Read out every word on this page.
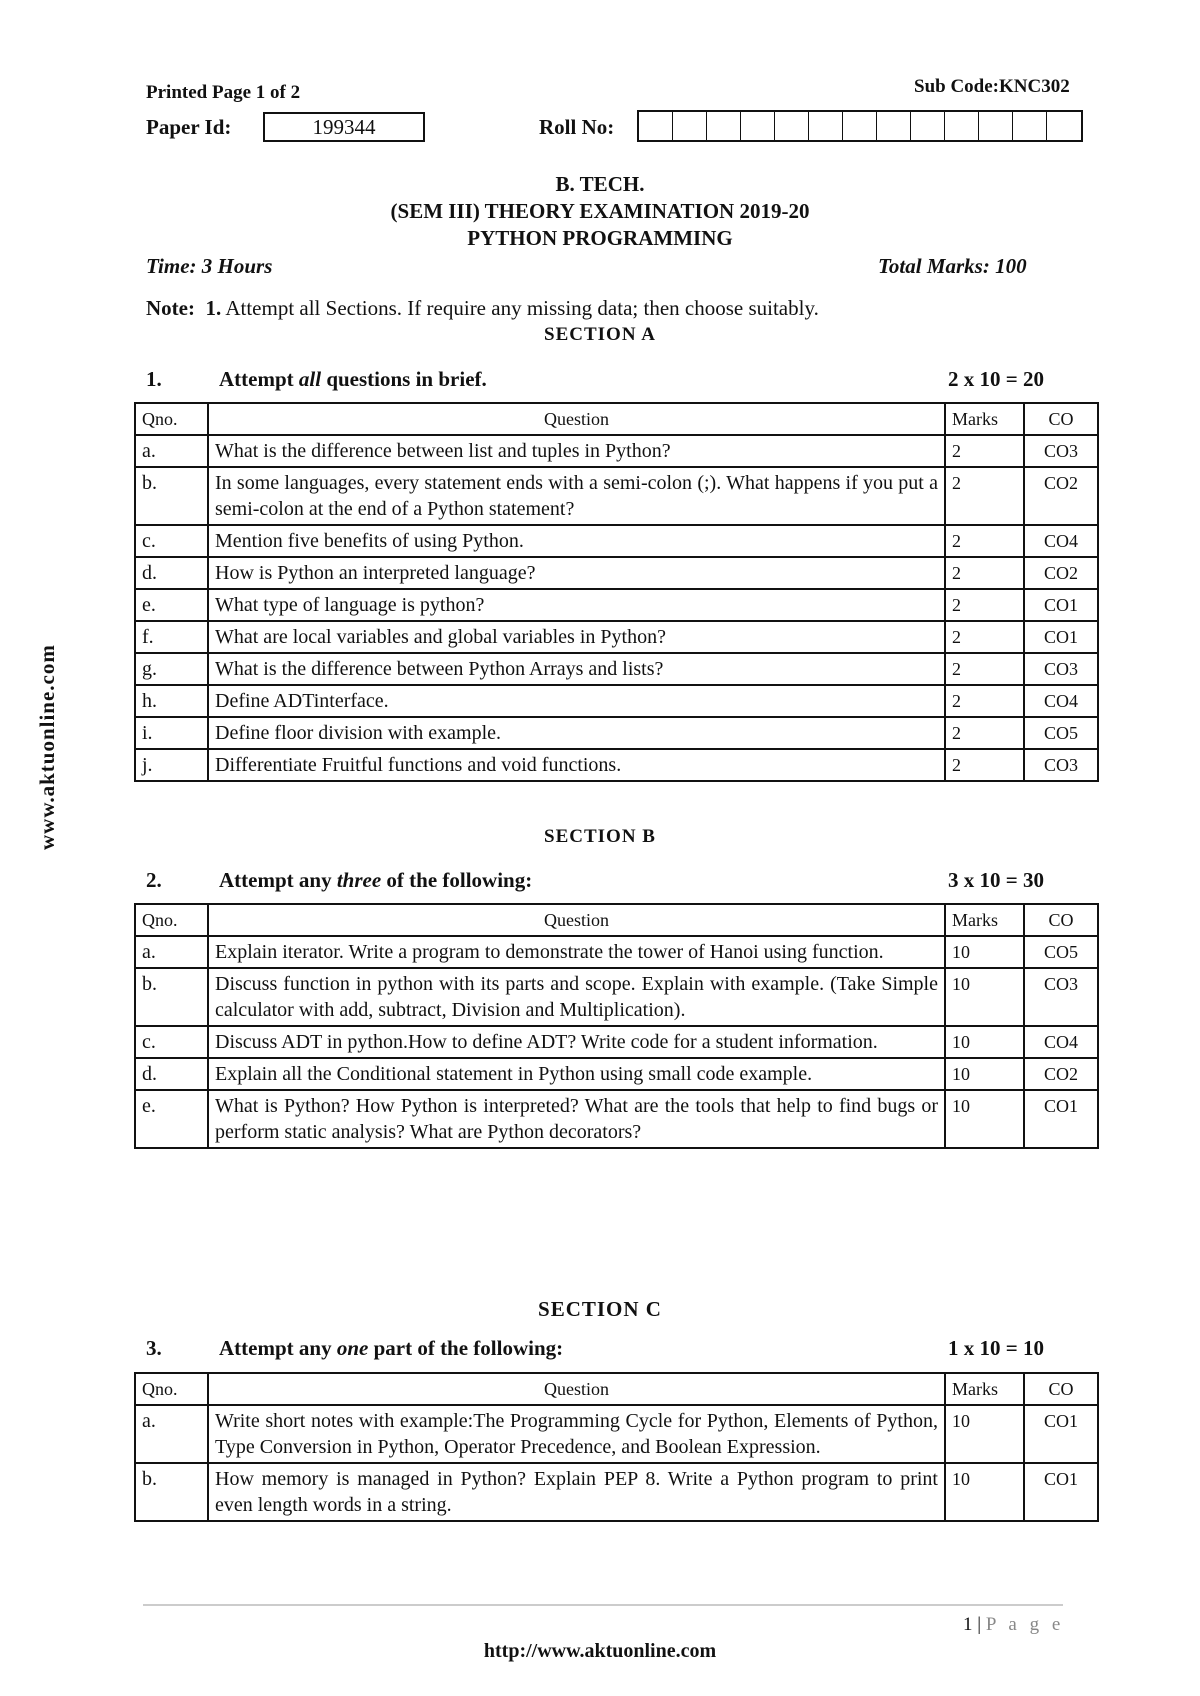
Printed Page 1 of 2	Sub Code:KNC302
Paper Id:	199344	Roll No:
B. TECH.
(SEM III) THEORY EXAMINATION 2019-20
PYTHON PROGRAMMING
Time: 3 Hours	Total Marks: 100
Note: 1. Attempt all Sections. If require any missing data; then choose suitably.
SECTION A
1.	Attempt all questions in brief.	2 x 10 = 20
Qno.	Question	Marks	CO
a.	What is the difference between list and tuples in Python?	2	CO3
b.	In some languages, every statement ends with a semi-colon (;). What happens if you put a semi-colon at the end of a Python statement?	2	CO2
c.	Mention five benefits of using Python.	2	CO4
d.	How is Python an interpreted language?	2	CO2
e.	What type of language is python?	2	CO1
f.	What are local variables and global variables in Python?	2	CO1
g.	What is the difference between Python Arrays and lists?	2	CO3
h.	Define ADTinterface.	2	CO4
i.	Define floor division with example.	2	CO5
j.	Differentiate Fruitful functions and void functions.	2	CO3
SECTION B
2.	Attempt any three of the following:	3 x 10 = 30
Qno.	Question	Marks	CO
a.	Explain iterator. Write a program to demonstrate the tower of Hanoi using function.	10	CO5
b.	Discuss function in python with its parts and scope. Explain with example. (Take Simple calculator with add, subtract, Division and Multiplication).	10	CO3
c.	Discuss ADT in python.How to define ADT? Write code for a student information.	10	CO4
d.	Explain all the Conditional statement in Python using small code example.	10	CO2
e.	What is Python? How Python is interpreted? What are the tools that help to find bugs or perform static analysis? What are Python decorators?	10	CO1
SECTION C
3.	Attempt any one part of the following:	1 x 10 = 10
Qno.	Question	Marks	CO
a.	Write short notes with example:The Programming Cycle for Python, Elements of Python, Type Conversion in Python, Operator Precedence, and Boolean Expression.	10	CO1
b.	How memory is managed in Python? Explain PEP 8. Write a Python program to print even length words in a string.	10	CO1
www.aktuonline.com
1 | P a g e
http://www.aktuonline.com
